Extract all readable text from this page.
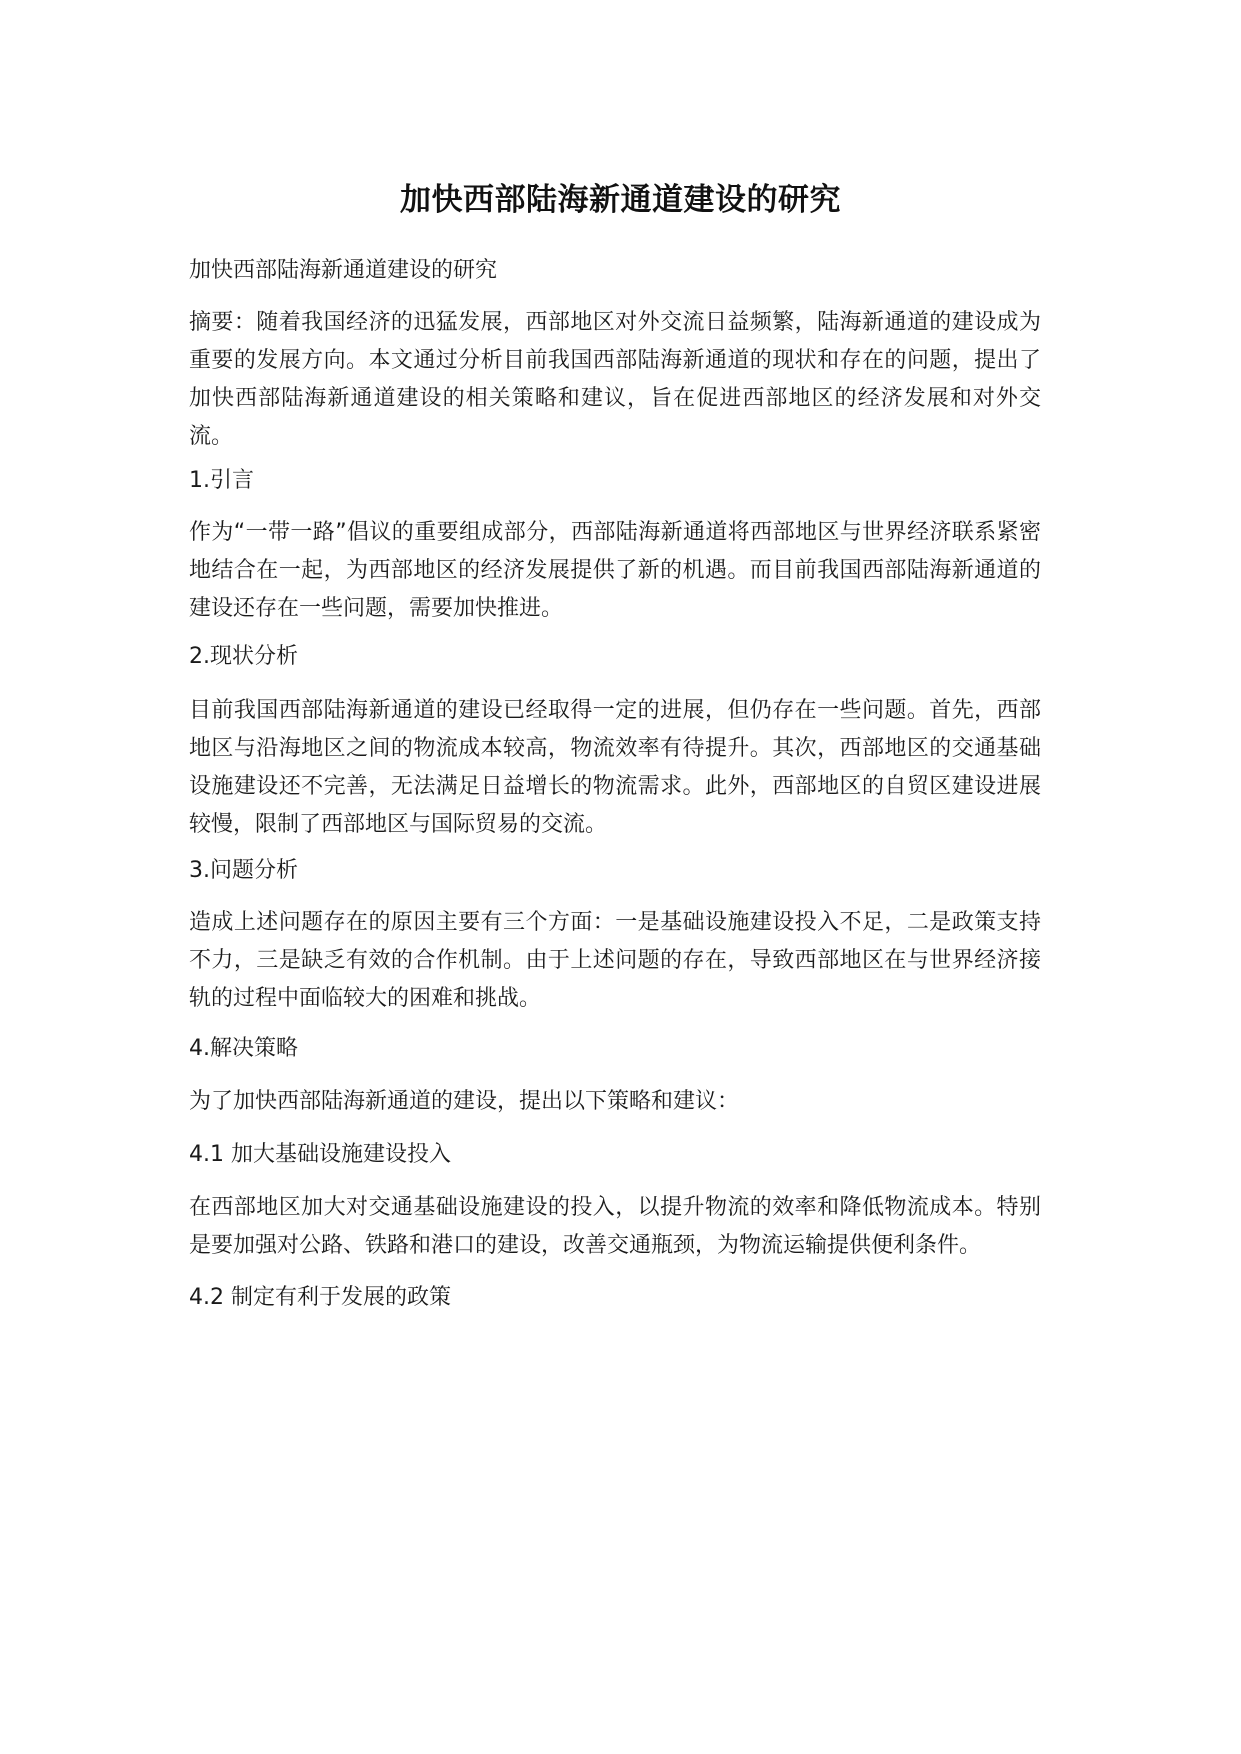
加快西部陆海新通道建设的研究

加快西部陆海新通道建设的研究

摘要：随着我国经济的迅猛发展，西部地区对外交流日益频繁，陆海新通道的建设成为重要的发展方向。本文通过分析目前我国西部陆海新通道的现状和存在的问题，提出了加快西部陆海新通道建设的相关策略和建议，旨在促进西部地区的经济发展和对外交流。

1.引言

作为“一带一路”倡议的重要组成部分，西部陆海新通道将西部地区与世界经济联系紧密地结合在一起，为西部地区的经济发展提供了新的机遇。而目前我国西部陆海新通道的建设还存在一些问题，需要加快推进。

2.现状分析

目前我国西部陆海新通道的建设已经取得一定的进展，但仍存在一些问题。首先，西部地区与沿海地区之间的物流成本较高，物流效率有待提升。其次，西部地区的交通基础设施建设还不完善，无法满足日益增长的物流需求。此外，西部地区的自贸区建设进展较慢，限制了西部地区与国际贸易的交流。

3.问题分析

造成上述问题存在的原因主要有三个方面：一是基础设施建设投入不足，二是政策支持不力，三是缺乏有效的合作机制。由于上述问题的存在，导致西部地区在与世界经济接轨的过程中面临较大的困难和挑战。

4.解决策略

为了加快西部陆海新通道的建设，提出以下策略和建议：

4.1 加大基础设施建设投入

在西部地区加大对交通基础设施建设的投入，以提升物流的效率和降低物流成本。特别是要加强对公路、铁路和港口的建设，改善交通瓶颈，为物流运输提供便利条件。

4.2 制定有利于发展的政策
